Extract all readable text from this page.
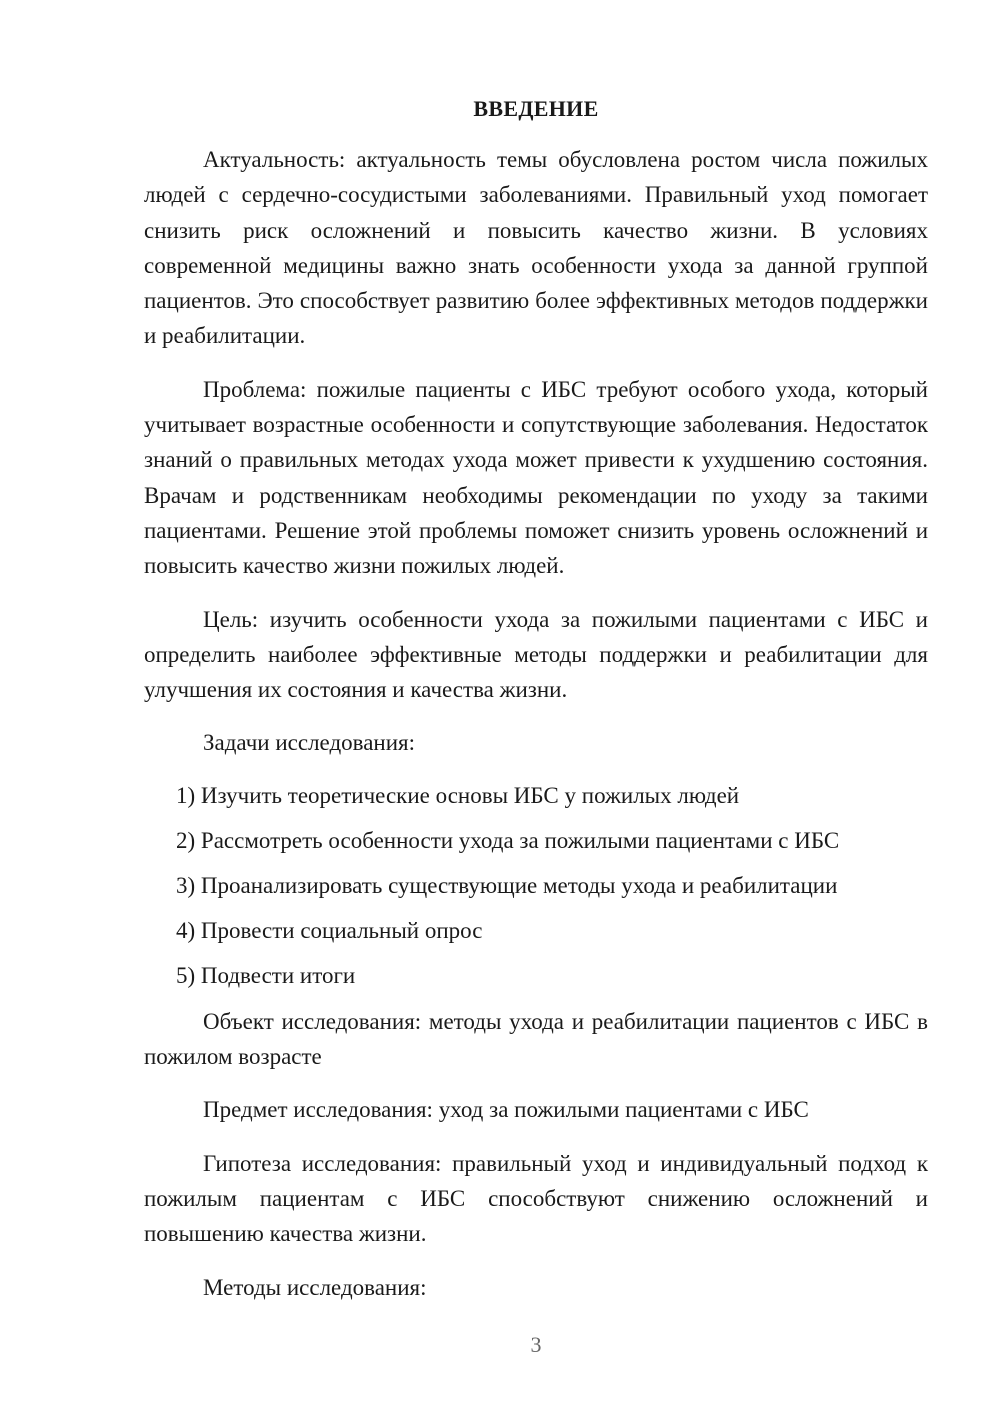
ВВЕДЕНИЕ

Актуальность: актуальность темы обусловлена ростом числа пожилых людей с сердечно-сосудистыми заболеваниями. Правильный уход помогает снизить риск осложнений и повысить качество жизни. В условиях современной медицины важно знать особенности ухода за данной группой пациентов. Это способствует развитию более эффективных методов поддержки и реабилитации.

Проблема: пожилые пациенты с ИБС требуют особого ухода, который учитывает возрастные особенности и сопутствующие заболевания. Недостаток знаний о правильных методах ухода может привести к ухудшению состояния. Врачам и родственникам необходимы рекомендации по уходу за такими пациентами. Решение этой проблемы поможет снизить уровень осложнений и повысить качество жизни пожилых людей.

Цель: изучить особенности ухода за пожилыми пациентами с ИБС и определить наиболее эффективные методы поддержки и реабилитации для улучшения их состояния и качества жизни.

Задачи исследования:

1) Изучить теоретические основы ИБС у пожилых людей
2) Рассмотреть особенности ухода за пожилыми пациентами с ИБС
3) Проанализировать существующие методы ухода и реабилитации
4) Провести социальный опрос
5) Подвести итоги

Объект исследования: методы ухода и реабилитации пациентов с ИБС в пожилом возрасте

Предмет исследования: уход за пожилыми пациентами с ИБС

Гипотеза исследования: правильный уход и индивидуальный подход к пожилым пациентам с ИБС способствуют снижению осложнений и повышению качества жизни.

Методы исследования:

3
